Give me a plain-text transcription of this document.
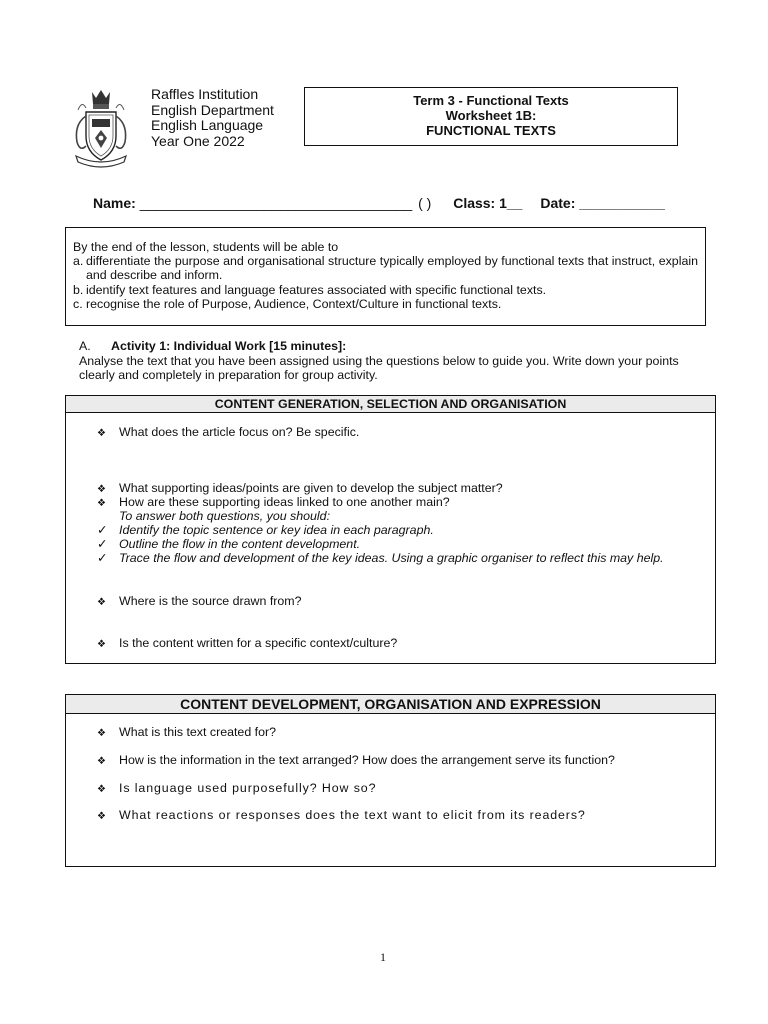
Raffles Institution
English Department
English Language
Year One 2022
Term 3 - Functional Texts
Worksheet 1B:
FUNCTIONAL TEXTS
Name: ___________________________________ ( ) Class: 1__ Date: ___________
By the end of the lesson, students will be able to
a. differentiate the purpose and organisational structure typically employed by functional texts that instruct, explain and describe and inform.
b. identify text features and language features associated with specific functional texts.
c. recognise the role of Purpose, Audience, Context/Culture in functional texts.
A. Activity 1: Individual Work [15 minutes]:
Analyse the text that you have been assigned using the questions below to guide you. Write down your points clearly and completely in preparation for group activity.
CONTENT GENERATION, SELECTION AND ORGANISATION
❖ What does the article focus on? Be specific.
❖ What supporting ideas/points are given to develop the subject matter?
❖ How are these supporting ideas linked to one another main?
To answer both questions, you should:
✓ Identify the topic sentence or key idea in each paragraph.
✓ Outline the flow in the content development.
✓ Trace the flow and development of the key ideas. Using a graphic organiser to reflect this may help.
❖ Where is the source drawn from?
❖ Is the content written for a specific context/culture?
CONTENT DEVELOPMENT, ORGANISATION AND EXPRESSION
❖ What is this text created for?
❖ How is the information in the text arranged? How does the arrangement serve its function?
❖ Is language used purposefully? How so?
❖ What reactions or responses does the text want to elicit from its readers?
1
